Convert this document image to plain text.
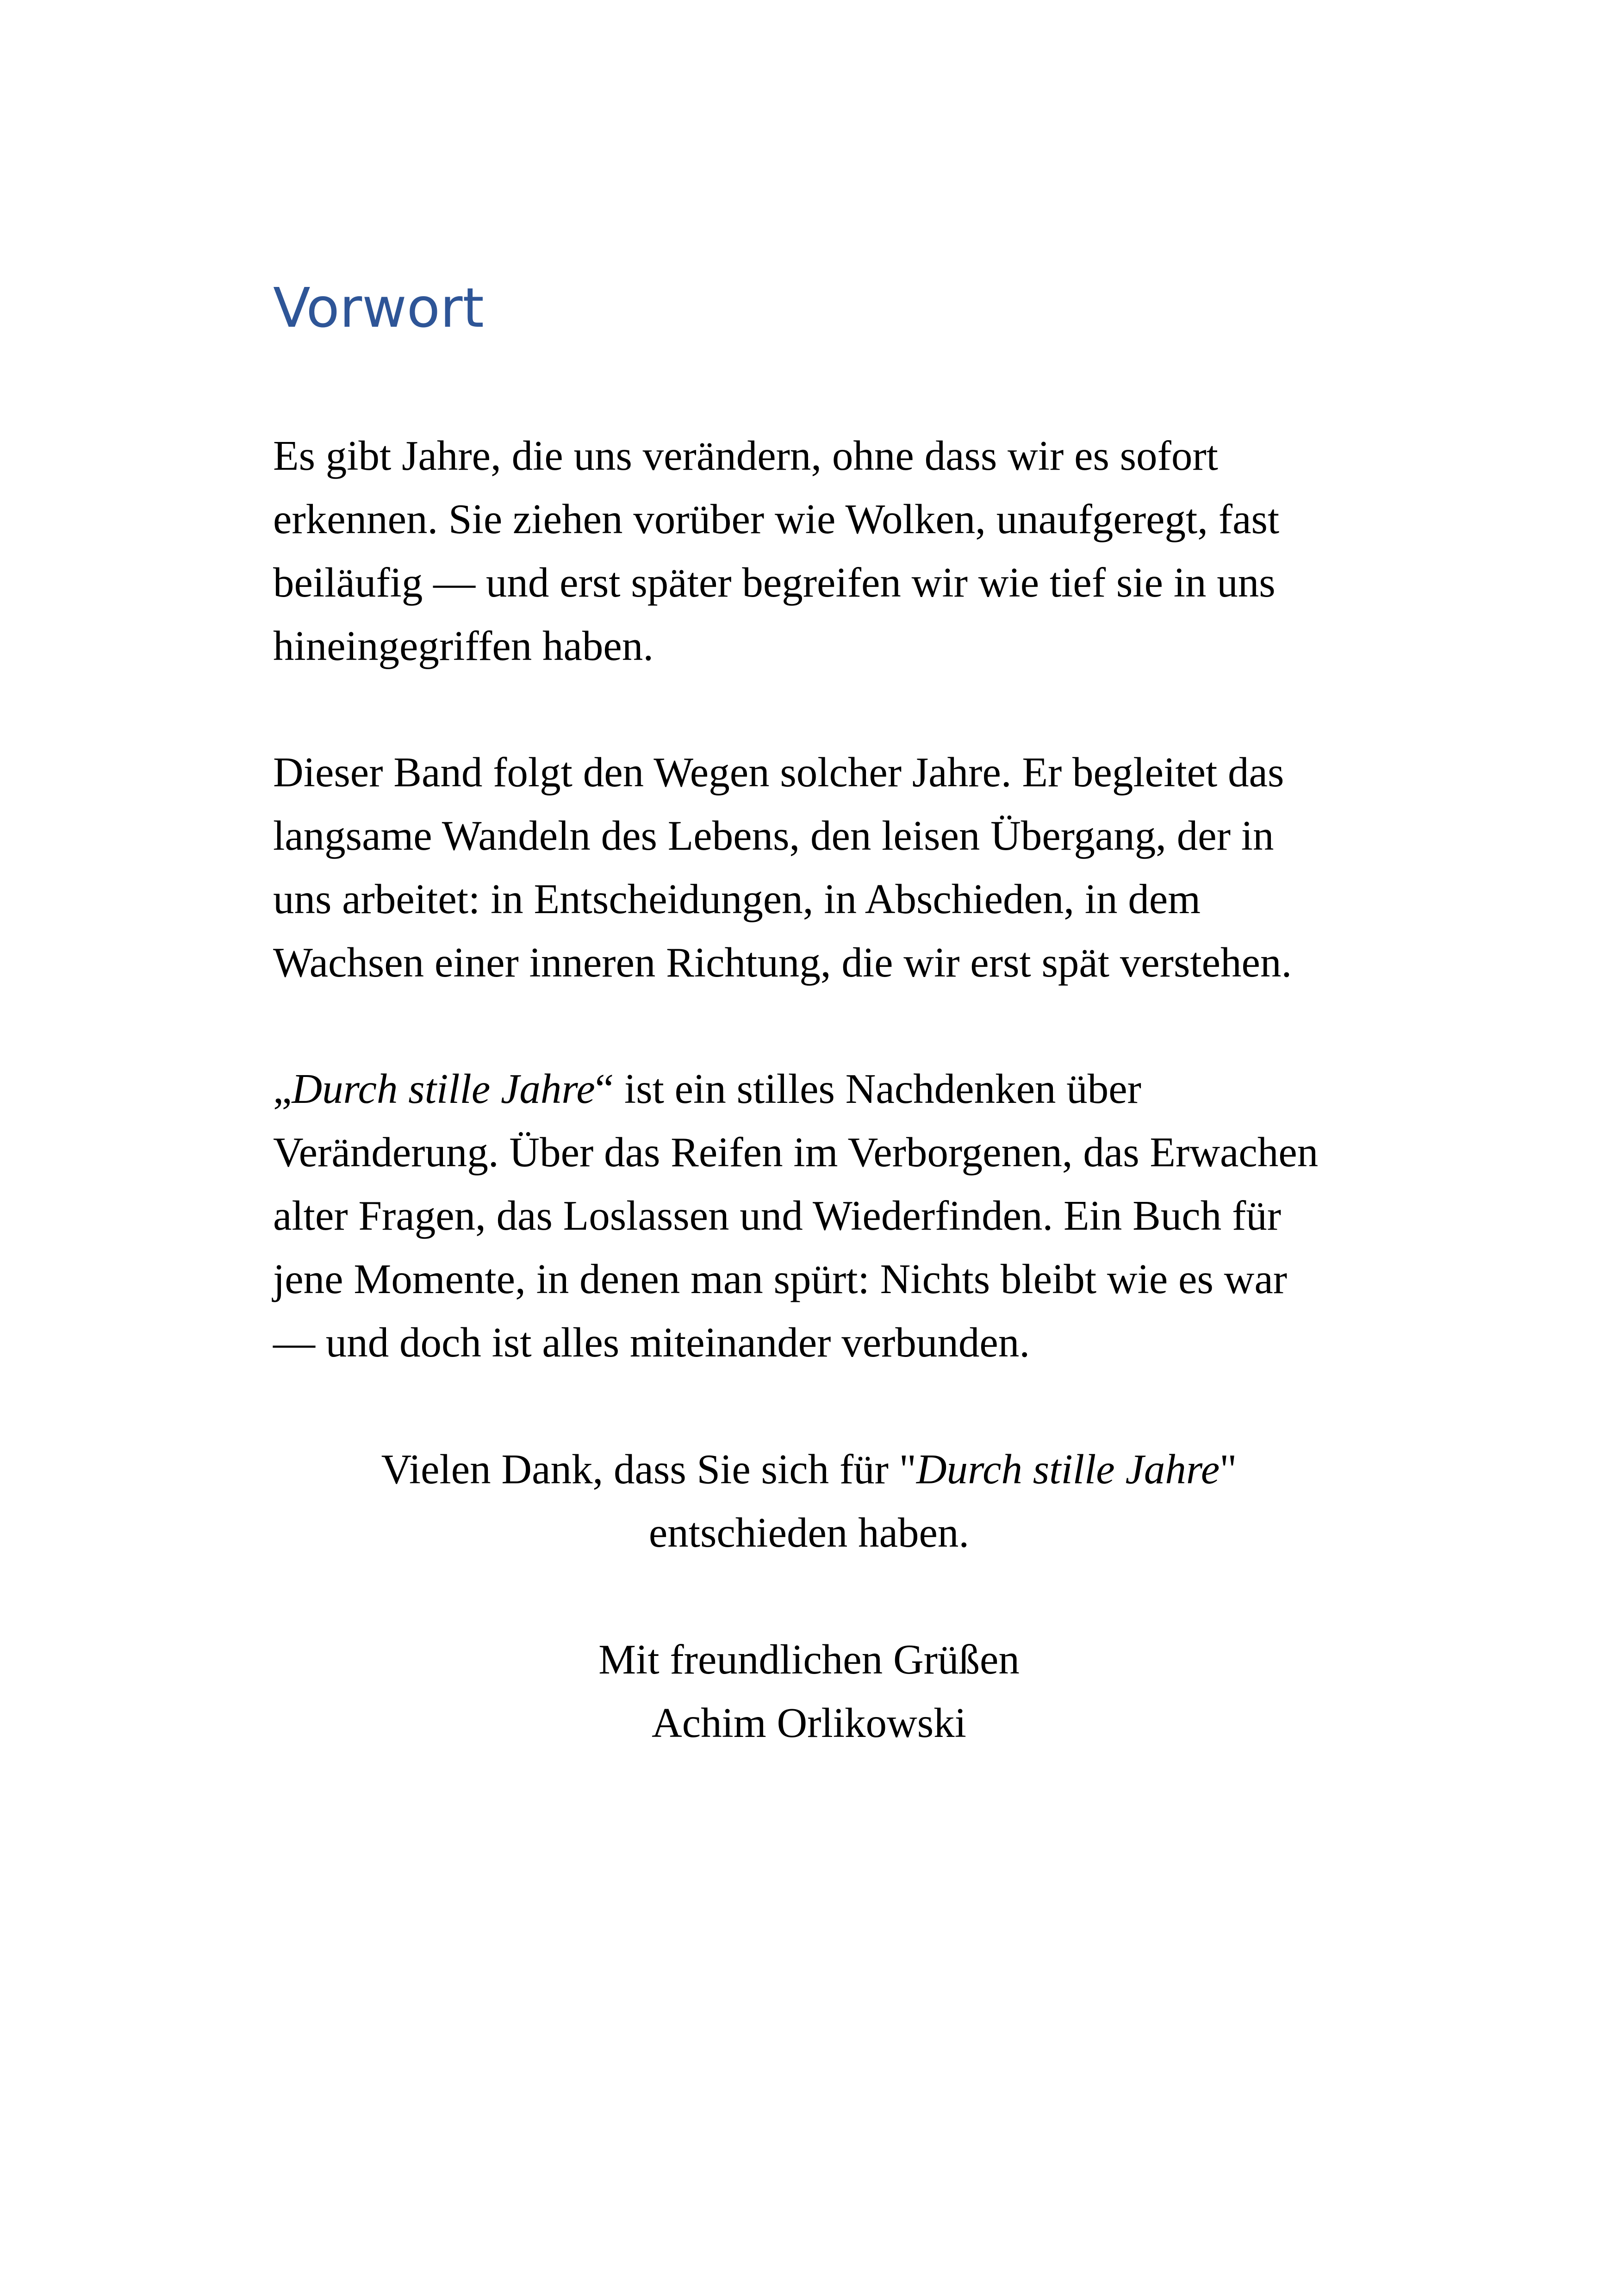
Vorwort

Es gibt Jahre, die uns verändern, ohne dass wir es sofort

erkennen. Sie ziehen vorüber wie Wolken, unaufgeregt, fast

beiläufig — und erst später begreifen wir wie tief sie in uns

hineingegriffen haben.

Dieser Band folgt den Wegen solcher Jahre. Er begleitet das

langsame Wandeln des Lebens, den leisen Übergang, der in

uns arbeitet: in Entscheidungen, in Abschieden, in dem

Wachsen einer inneren Richtung, die wir erst spät verstehen.

„Durch stille Jahre“ ist ein stilles Nachdenken über

Veränderung. Über das Reifen im Verborgenen, das Erwachen

alter Fragen, das Loslassen und Wiederfinden. Ein Buch für

jene Momente, in denen man spürt: Nichts bleibt wie es war

— und doch ist alles miteinander verbunden.

Vielen Dank, dass Sie sich für "Durch stille Jahre"

entschieden haben.

Mit freundlichen Grüßen

Achim Orlikowski
